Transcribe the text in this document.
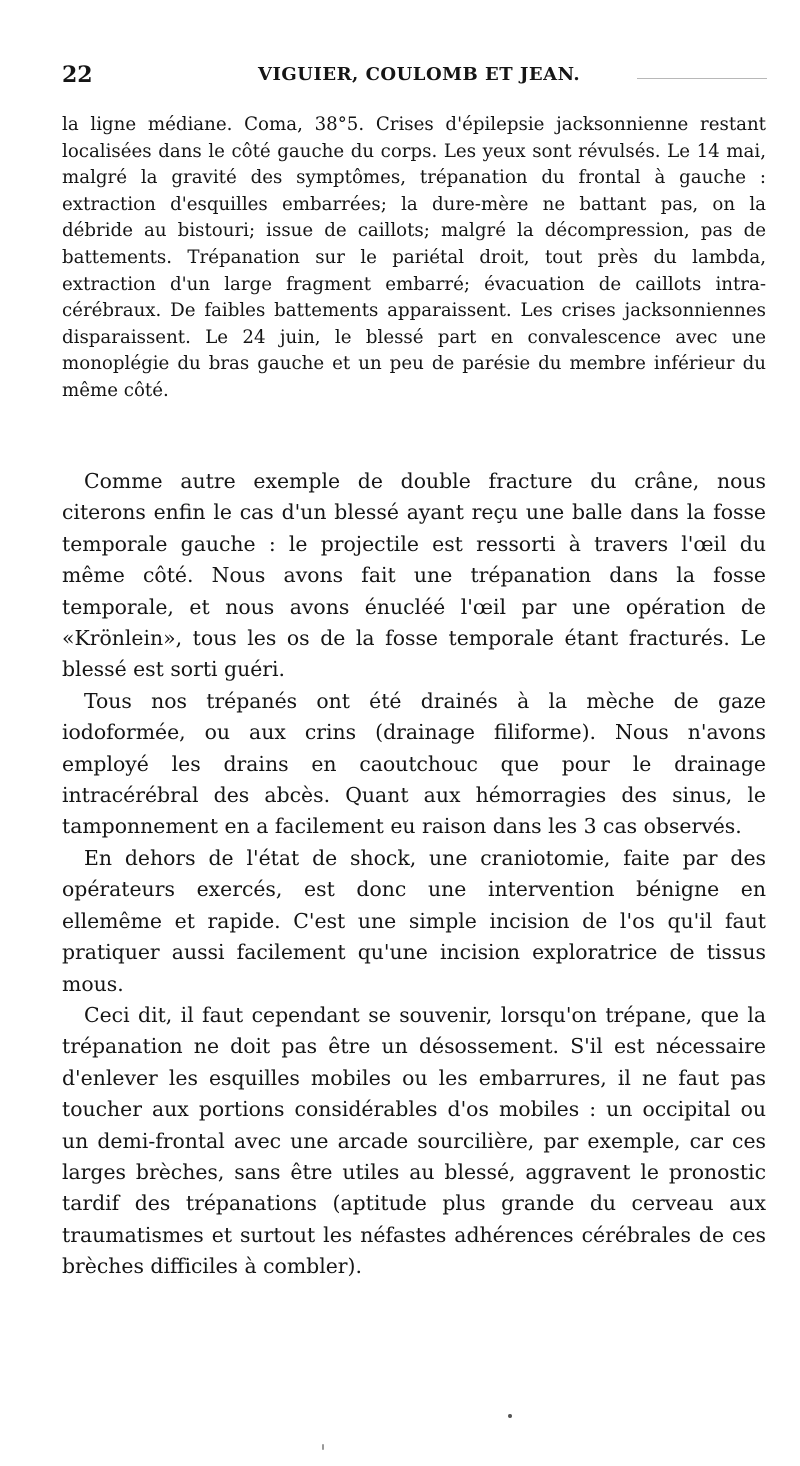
22	VIGUIER, COULOMB ET JEAN.

la ligne médiane. Coma, 38°5. Crises d'épilepsie jacksonnienne restant localisées dans le côté gauche du corps. Les yeux sont révulsés. Le 14 mai, malgré la gravité des symptômes, trépanation du frontal à gauche : extraction d'esquilles embarrées; la dure-mère ne battant pas, on la débride au bistouri; issue de caillots; malgré la décompression, pas de battements. Trépanation sur le pariétal droit, tout près du lambda, extraction d'un large fragment embarré; évacuation de caillots intra-cérébraux. De faibles battements apparaissent. Les crises jacksonniennes disparaissent. Le 24 juin, le blessé part en convalescence avec une monoplégie du bras gauche et un peu de parésie du membre inférieur du même côté.

Comme autre exemple de double fracture du crâne, nous citerons enfin le cas d'un blessé ayant reçu une balle dans la fosse temporale gauche : le projectile est ressorti à travers l'œil du même côté. Nous avons fait une trépanation dans la fosse temporale, et nous avons énucléé l'œil par une opération de «Krönlein», tous les os de la fosse temporale étant fracturés. Le blessé est sorti guéri.

Tous nos trépanés ont été drainés à la mèche de gaze iodoformée, ou aux crins (drainage filiforme). Nous n'avons employé les drains en caoutchouc que pour le drainage intracérébral des abcès. Quant aux hémorragies des sinus, le tamponnement en a facilement eu raison dans les 3 cas observés.

En dehors de l'état de shock, une craniotomie, faite par des opérateurs exercés, est donc une intervention bénigne en ellemême et rapide. C'est une simple incision de l'os qu'il faut pratiquer aussi facilement qu'une incision exploratrice de tissus mous.

Ceci dit, il faut cependant se souvenir, lorsqu'on trépane, que la trépanation ne doit pas être un désossement. S'il est nécessaire d'enlever les esquilles mobiles ou les embarrures, il ne faut pas toucher aux portions considérables d'os mobiles : un occipital ou un demi-frontal avec une arcade sourcilière, par exemple, car ces larges brèches, sans être utiles au blessé, aggravent le pronostic tardif des trépanations (aptitude plus grande du cerveau aux traumatismes et surtout les néfastes adhérences cérébrales de ces brèches difficiles à combler).
